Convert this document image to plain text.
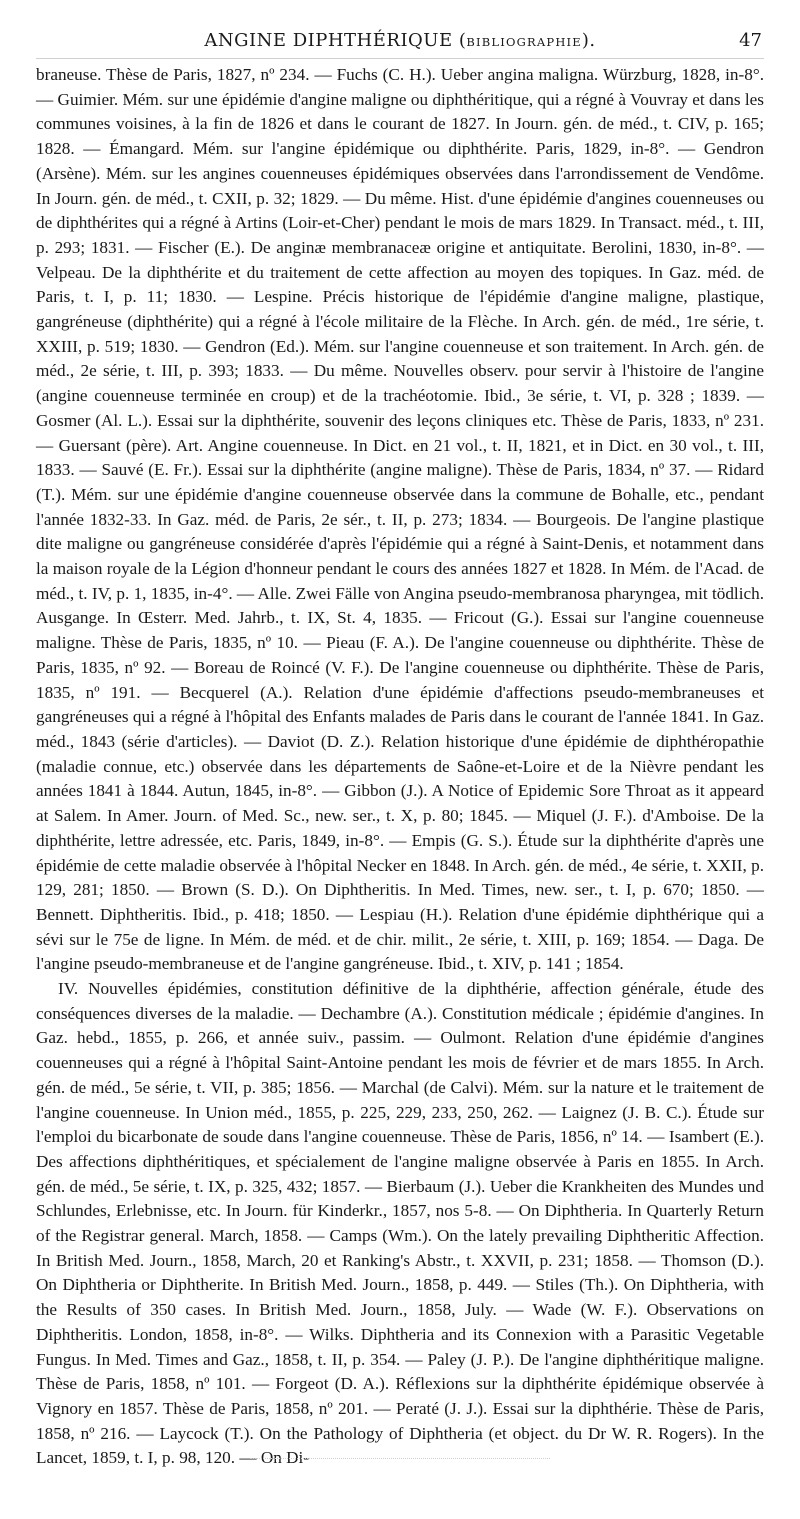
ANGINE DIPHTHÉRIQUE (BIBLIOGRAPHIE).	47

braneuse. Thèse de Paris, 1827, nº 234. — Fuchs (C. H.). Ueber angina maligna. Würzburg, 1828, in-8°. — Guimier. Mém. sur une épidémie d'angine maligne ou diphthéritique, qui a régné à Vouvray et dans les communes voisines, à la fin de 1826 et dans le courant de 1827. In Journ. gén. de méd., t. CIV, p. 165; 1828. — Émangard. Mém. sur l'angine épidémique ou diphthérite. Paris, 1829, in-8°. — Gendron (Arsène). Mém. sur les angines couenneuses épidémiques observées dans l'arrondissement de Vendôme. In Journ. gén. de méd., t. CXII, p. 32; 1829. — Du même. Hist. d'une épidémie d'angines couenneuses ou de diphthérites qui a régné à Artins (Loir-et-Cher) pendant le mois de mars 1829. In Transact. méd., t. III, p. 293; 1831. — Fischer (E.). De anginæ membranaceæ origine et antiquitate. Berolini, 1830, in-8°. — Velpeau. De la diphthérite et du traitement de cette affection au moyen des topiques. In Gaz. méd. de Paris, t. I, p. 11; 1830. — Lespine. Précis historique de l'épidémie d'angine maligne, plastique, gangréneuse (diphthérite) qui a régné à l'école militaire de la Flèche. In Arch. gén. de méd., 1re série, t. XXIII, p. 519; 1830. — Gendron (Ed.). Mém. sur l'angine couenneuse et son traitement. In Arch. gén. de méd., 2e série, t. III, p. 393; 1833. — Du même. Nouvelles observ. pour servir à l'histoire de l'angine (angine couenneuse terminée en croup) et de la trachéotomie. Ibid., 3e série, t. VI, p. 328 ; 1839. — Gosmer (Al. L.). Essai sur la diphthérite, souvenir des leçons cliniques etc. Thèse de Paris, 1833, nº 231. — Guersant (père). Art. Angine couenneuse. In Dict. en 21 vol., t. II, 1821, et in Dict. en 30 vol., t. III, 1833. — Sauvé (E. Fr.). Essai sur la diphthérite (angine maligne). Thèse de Paris, 1834, nº 37. — Ridard (T.). Mém. sur une épidémie d'angine couenneuse observée dans la commune de Bohalle, etc., pendant l'année 1832-33. In Gaz. méd. de Paris, 2e sér., t. II, p. 273; 1834. — Bourgeois. De l'angine plastique dite maligne ou gangréneuse considérée d'après l'épidémie qui a régné à Saint-Denis, et notamment dans la maison royale de la Légion d'honneur pendant le cours des années 1827 et 1828. In Mém. de l'Acad. de méd., t. IV, p. 1, 1835, in-4°. — Alle. Zwei Fälle von Angina pseudo-membranosa pharyngea, mit tödlich. Ausgange. In Œsterr. Med. Jahrb., t. IX, St. 4, 1835. — Fricout (G.). Essai sur l'angine couenneuse maligne. Thèse de Paris, 1835, nº 10. — Pieau (F. A.). De l'angine couenneuse ou diphthérite. Thèse de Paris, 1835, nº 92. — Boreau de Roincé (V. F.). De l'angine couenneuse ou diphthérite. Thèse de Paris, 1835, nº 191. — Becquerel (A.). Relation d'une épidémie d'affections pseudo-membraneuses et gangréneuses qui a régné à l'hôpital des Enfants malades de Paris dans le courant de l'année 1841. In Gaz. méd., 1843 (série d'articles). — Daviot (D. Z.). Relation historique d'une épidémie de diphthéropathie (maladie connue, etc.) observée dans les départements de Saône-et-Loire et de la Nièvre pendant les années 1841 à 1844. Autun, 1845, in-8°. — Gibbon (J.). A Notice of Epidemic Sore Throat as it appeard at Salem. In Amer. Journ. of Med. Sc., new. ser., t. X, p. 80; 1845. — Miquel (J. F.). d'Amboise. De la diphthérite, lettre adressée, etc. Paris, 1849, in-8°. — Empis (G. S.). Étude sur la diphthérite d'après une épidémie de cette maladie observée à l'hôpital Necker en 1848. In Arch. gén. de méd., 4e série, t. XXII, p. 129, 281; 1850. — Brown (S. D.). On Diphtheritis. In Med. Times, new. ser., t. I, p. 670; 1850. — Bennett. Diphtheritis. Ibid., p. 418; 1850. — Lespiau (H.). Relation d'une épidémie diphthérique qui a sévi sur le 75e de ligne. In Mém. de méd. et de chir. milit., 2e série, t. XIII, p. 169; 1854. — Daga. De l'angine pseudo-membraneuse et de l'angine gangréneuse. Ibid., t. XIV, p. 141 ; 1854.

IV. Nouvelles épidémies, constitution définitive de la diphthérie, affection générale, étude des conséquences diverses de la maladie. — Dechambre (A.). Constitution médicale ; épidémie d'angines. In Gaz. hebd., 1855, p. 266, et année suiv., passim. — Oulmont. Relation d'une épidémie d'angines couenneuses qui a régné à l'hôpital Saint-Antoine pendant les mois de février et de mars 1855. In Arch. gén. de méd., 5e série, t. VII, p. 385; 1856. — Marchal (de Calvi). Mém. sur la nature et le traitement de l'angine couenneuse. In Union méd., 1855, p. 225, 229, 233, 250, 262. — Laignez (J. B. C.). Étude sur l'emploi du bicarbonate de soude dans l'angine couenneuse. Thèse de Paris, 1856, nº 14. — Isambert (E.). Des affections diphthéritiques, et spécialement de l'angine maligne observée à Paris en 1855. In Arch. gén. de méd., 5e série, t. IX, p. 325, 432; 1857. — Bierbaum (J.). Ueber die Krankheiten des Mundes und Schlundes, Erlebnisse, etc. In Journ. für Kinderkr., 1857, nos 5-8. — On Diphtheria. In Quarterly Return of the Registrar general. March, 1858. — Camps (Wm.). On the lately prevailing Diphtheritic Affection. In British Med. Journ., 1858, March, 20 et Ranking's Abstr., t. XXVII, p. 231; 1858. — Thomson (D.). On Diphtheria or Diphtherite. In British Med. Journ., 1858, p. 449. — Stiles (Th.). On Diphtheria, with the Results of 350 cases. In British Med. Journ., 1858, July. — Wade (W. F.). Observations on Diphtheritis. London, 1858, in-8°. — Wilks. Diphtheria and its Connexion with a Parasitic Vegetable Fungus. In Med. Times and Gaz., 1858, t. II, p. 354. — Paley (J. P.). De l'angine diphthéritique maligne. Thèse de Paris, 1858, nº 101. — Forgeot (D. A.). Réflexions sur la diphthérite épidémique observée à Vignory en 1857. Thèse de Paris, 1858, nº 201. — Peraté (J. J.). Essai sur la diphthérie. Thèse de Paris, 1858, nº 216. — Laycock (T.). On the Pathology of Diphtheria (et object. du Dr W. R. Rogers). In the Lancet, 1859, t. I, p. 98, 120. — On Di-
